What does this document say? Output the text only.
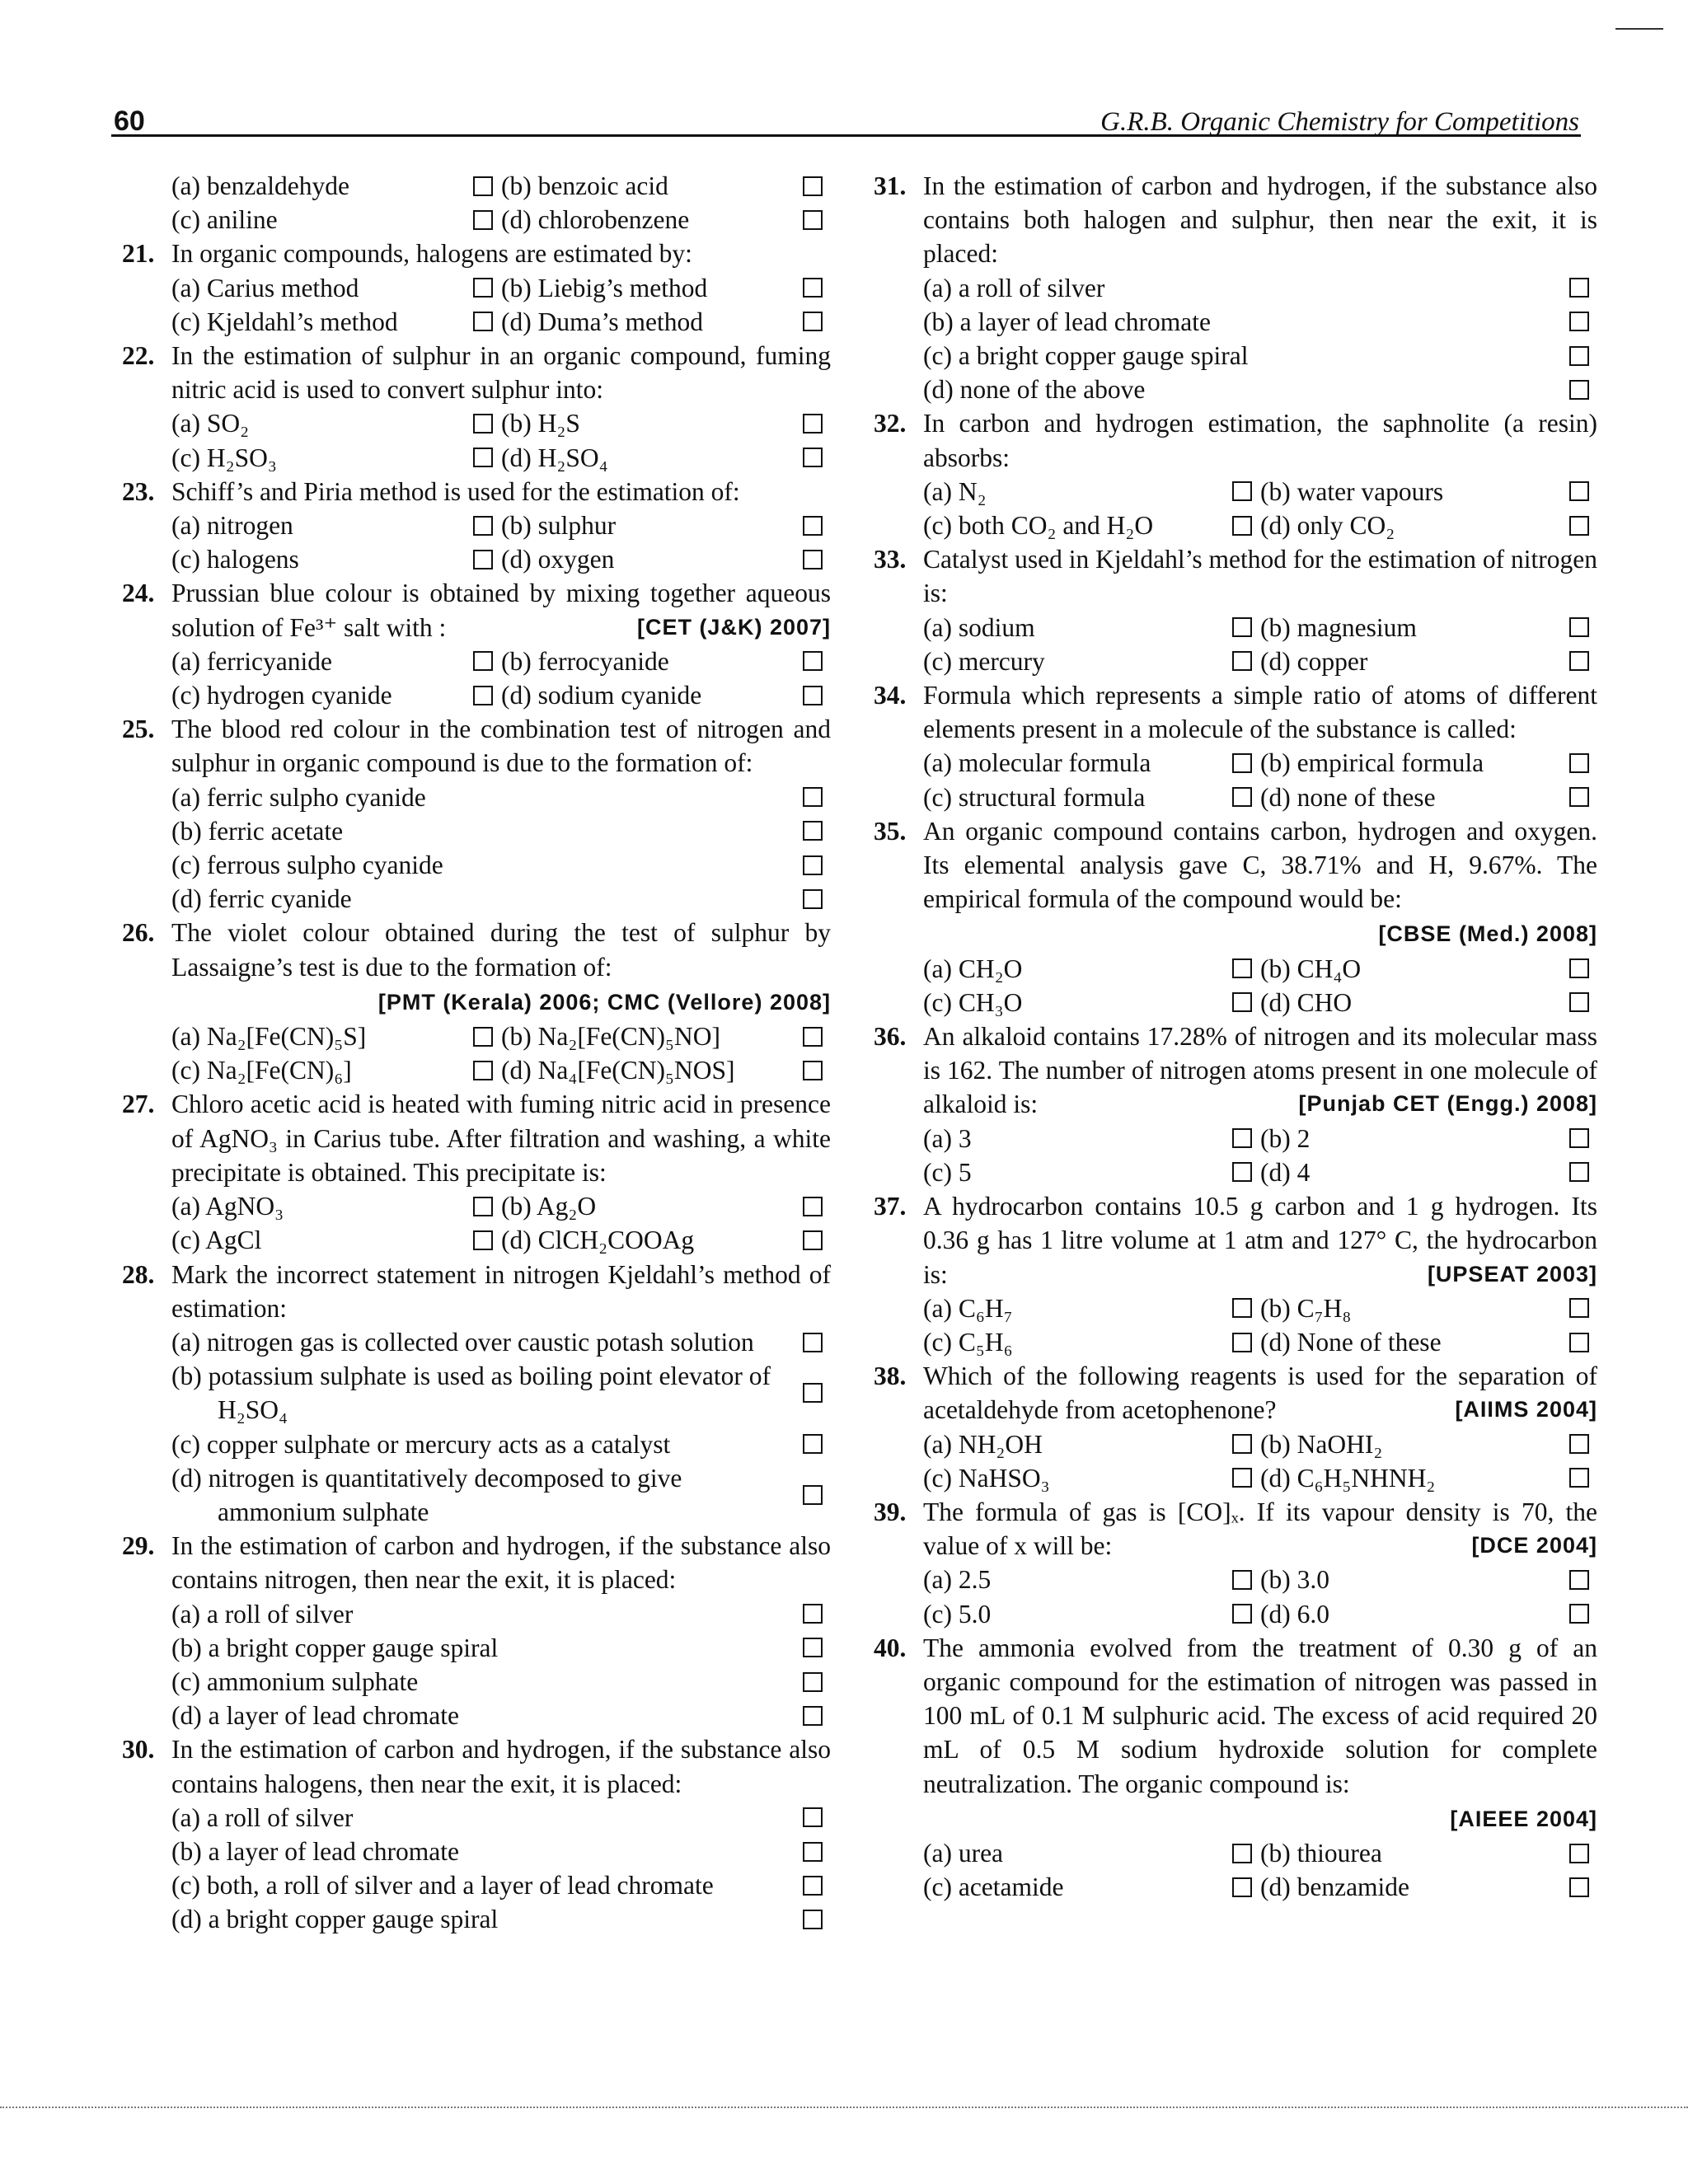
60	G.R.B. Organic Chemistry for Competitions
(a) benzaldehyde	(b) benzoic acid
(c) aniline	(d) chlorobenzene
21. In organic compounds, halogens are estimated by:
(a) Carius method	(b) Liebig’s method
(c) Kjeldahl’s method	(d) Duma’s method
22. In the estimation of sulphur in an organic compound, fuming nitric acid is used to convert sulphur into:
(a) SO₂	(b) H₂S
(c) H₂SO₃	(d) H₂SO₄
23. Schiff’s and Piria method is used for the estimation of:
(a) nitrogen	(b) sulphur
(c) halogens	(d) oxygen
24. Prussian blue colour is obtained by mixing together aqueous solution of Fe³⁺ salt with :	[CET (J&K) 2007]
(a) ferricyanide	(b) ferrocyanide
(c) hydrogen cyanide	(d) sodium cyanide
25. The blood red colour in the combination test of nitrogen and sulphur in organic compound is due to the formation of:
(a) ferric sulpho cyanide
(b) ferric acetate
(c) ferrous sulpho cyanide
(d) ferric cyanide
26. The violet colour obtained during the test of sulphur by Lassaigne’s test is due to the formation of:
[PMT (Kerala) 2006; CMC (Vellore) 2008]
(a) Na₂[Fe(CN)₅S]	(b) Na₂[Fe(CN)₅NO]
(c) Na₂[Fe(CN)₆]	(d) Na₄[Fe(CN)₅NOS]
27. Chloro acetic acid is heated with fuming nitric acid in presence of AgNO₃ in Carius tube. After filtration and washing, a white precipitate is obtained. This precipitate is:
(a) AgNO₃	(b) Ag₂O
(c) AgCl	(d) ClCH₂COOAg
28. Mark the incorrect statement in nitrogen Kjeldahl’s method of estimation:
(a) nitrogen gas is collected over caustic potash solution
(b) potassium sulphate is used as boiling point elevator of H₂SO₄
(c) copper sulphate or mercury acts as a catalyst
(d) nitrogen is quantitatively decomposed to give ammonium sulphate
29. In the estimation of carbon and hydrogen, if the substance also contains nitrogen, then near the exit, it is placed:
(a) a roll of silver
(b) a bright copper gauge spiral
(c) ammonium sulphate
(d) a layer of lead chromate
30. In the estimation of carbon and hydrogen, if the substance also contains halogens, then near the exit, it is placed:
(a) a roll of silver
(b) a layer of lead chromate
(c) both, a roll of silver and a layer of lead chromate
(d) a bright copper gauge spiral
31. In the estimation of carbon and hydrogen, if the substance also contains both halogen and sulphur, then near the exit, it is placed:
(a) a roll of silver
(b) a layer of lead chromate
(c) a bright copper gauge spiral
(d) none of the above
32. In carbon and hydrogen estimation, the saphnolite (a resin) absorbs:
(a) N₂	(b) water vapours
(c) both CO₂ and H₂O	(d) only CO₂
33. Catalyst used in Kjeldahl’s method for the estimation of nitrogen is:
(a) sodium	(b) magnesium
(c) mercury	(d) copper
34. Formula which represents a simple ratio of atoms of different elements present in a molecule of the substance is called:
(a) molecular formula	(b) empirical formula
(c) structural formula	(d) none of these
35. An organic compound contains carbon, hydrogen and oxygen. Its elemental analysis gave C, 38.71% and H, 9.67%. The empirical formula of the compound would be:
[CBSE (Med.) 2008]
(a) CH₂O	(b) CH₄O
(c) CH₃O	(d) CHO
36. An alkaloid contains 17.28% of nitrogen and its molecular mass is 162. The number of nitrogen atoms present in one molecule of alkaloid is:	[Punjab CET (Engg.) 2008]
(a) 3	(b) 2
(c) 5	(d) 4
37. A hydrocarbon contains 10.5 g carbon and 1 g hydrogen. Its 0.36 g has 1 litre volume at 1 atm and 127° C, the hydrocarbon is:	[UPSEAT 2003]
(a) C₆H₇	(b) C₇H₈
(c) C₅H₆	(d) None of these
38. Which of the following reagents is used for the separation of acetaldehyde from acetophenone?	[AIIMS 2004]
(a) NH₂OH	(b) NaOHI₂
(c) NaHSO₃	(d) C₆H₅NHNH₂
39. The formula of gas is [CO]ₓ. If its vapour density is 70, the value of x will be:	[DCE 2004]
(a) 2.5	(b) 3.0
(c) 5.0	(d) 6.0
40. The ammonia evolved from the treatment of 0.30 g of an organic compound for the estimation of nitrogen was passed in 100 mL of 0.1 M sulphuric acid. The excess of acid required 20 mL of 0.5 M sodium hydroxide solution for complete neutralization. The organic compound is:
[AIEEE 2004]
(a) urea	(b) thiourea
(c) acetamide	(d) benzamide
